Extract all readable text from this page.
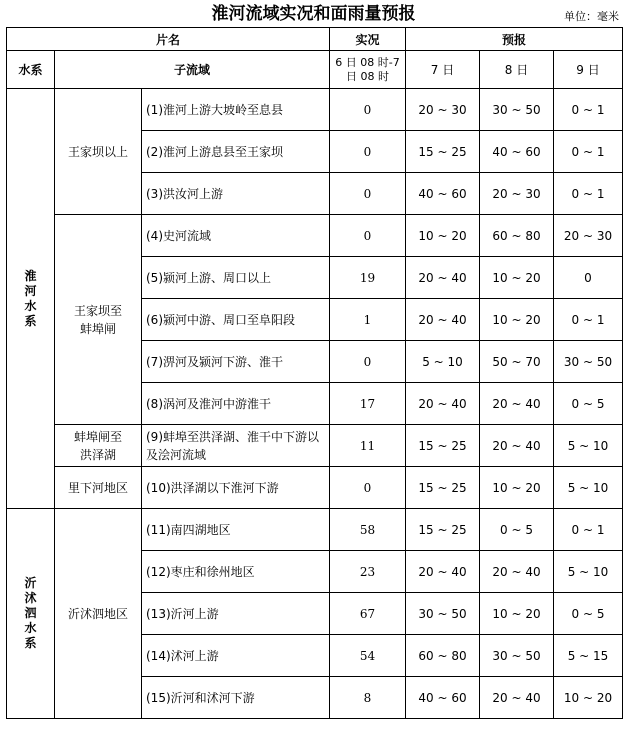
淮河流域实况和面雨量预报	单位：毫米
片名			实况	预报		
水系	子流域		6 日 08 时-7 日 08 时	7 日	8 日	9 日

淮
河
水
系	王家坝以上	(1)淮河上游大坡岭至息县	0	20 ~ 30	30 ~ 50	0 ~ 1
		(2)淮河上游息县至王家坝	0	15 ~ 25	40 ~ 60	0 ~ 1
		(3)洪汝河上游	0	40 ~ 60	20 ~ 30	0 ~ 1
	王家坝至蚌埠闸	(4)史河流域	0	10 ~ 20	60 ~ 80	20 ~ 30
		(5)颍河上游、周口以上	19	20 ~ 40	10 ~ 20	0
		(6)颍河中游、周口至阜阳段	1	20 ~ 40	10 ~ 20	0 ~ 1
		(7)淠河及颍河下游、淮干	0	5 ~ 10	50 ~ 70	30 ~ 50
		(8)涡河及淮河中游淮干	17	20 ~ 40	20 ~ 40	0 ~ 5
	蚌埠闸至洪泽湖	(9)蚌埠至洪泽湖、淮干中下游以及浍河流域	11	15 ~ 25	20 ~ 40	5 ~ 10
	里下河地区	(10)洪泽湖以下淮河下游	0	15 ~ 25	10 ~ 20	5 ~ 10

沂
沭
泗
水
系	沂沭泗地区	(11)南四湖地区	58	15 ~ 25	0 ~ 5	0 ~ 1
		(12)枣庄和徐州地区	23	20 ~ 40	20 ~ 40	5 ~ 10
		(13)沂河上游	67	30 ~ 50	10 ~ 20	0 ~ 5
		(14)沭河上游	54	60 ~ 80	30 ~ 50	5 ~ 15
		(15)沂河和沭河下游	8	40 ~ 60	20 ~ 40	10 ~ 20
